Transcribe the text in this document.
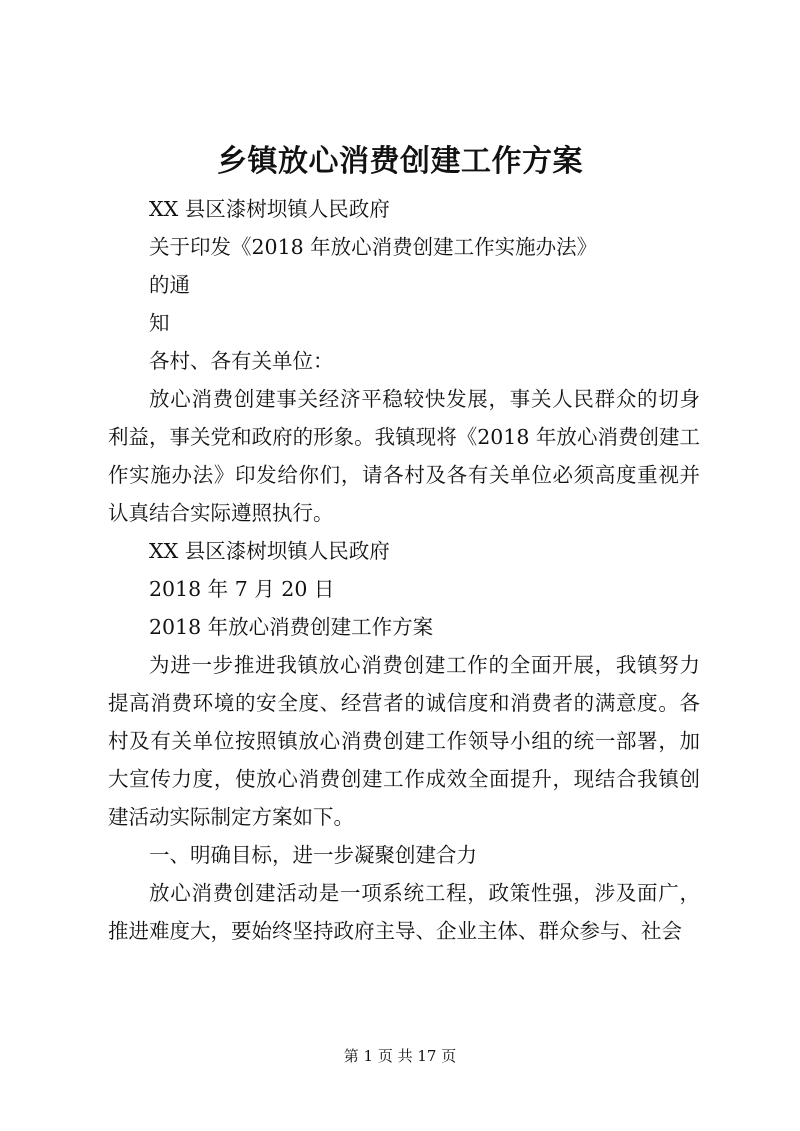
乡镇放心消费创建工作方案
XX 县区漆树坝镇人民政府
关于印发《2018 年放心消费创建工作实施办法》
的通
知
各村、各有关单位：
放心消费创建事关经济平稳较快发展，事关人民群众的切身利益，事关党和政府的形象。我镇现将《2018 年放心消费创建工作实施办法》印发给你们，请各村及各有关单位必须高度重视并认真结合实际遵照执行。
XX 县区漆树坝镇人民政府
2018 年 7 月 20 日
2018 年放心消费创建工作方案
为进一步推进我镇放心消费创建工作的全面开展，我镇努力提高消费环境的安全度、经营者的诚信度和消费者的满意度。各村及有关单位按照镇放心消费创建工作领导小组的统一部署，加大宣传力度，使放心消费创建工作成效全面提升，现结合我镇创建活动实际制定方案如下。
一、明确目标，进一步凝聚创建合力
放心消费创建活动是一项系统工程，政策性强，涉及面广，推进难度大，要始终坚持政府主导、企业主体、群众参与、社会
第 1 页 共 17 页
